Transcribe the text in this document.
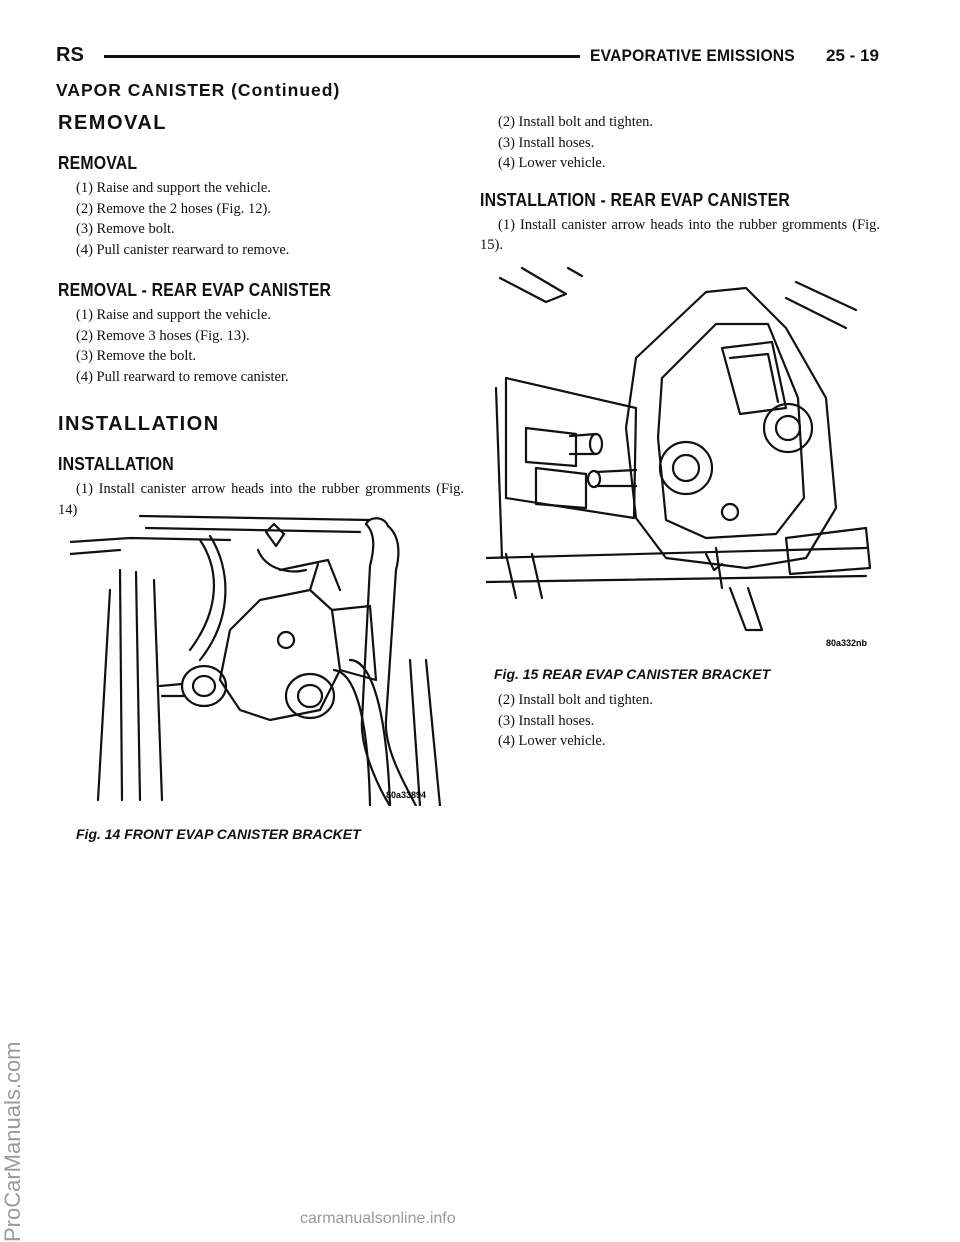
RS	EVAPORATIVE EMISSIONS 25 - 19
VAPOR CANISTER (Continued)
REMOVAL
REMOVAL

(1) Raise and support the vehicle.

(2) Remove the 2 hoses (Fig. 12).

(3) Remove bolt.

(4) Pull canister rearward to remove.

REMOVAL - REAR EVAP CANISTER

(1) Raise and support the vehicle.

(2) Remove 3 hoses (Fig. 13).

(3) Remove the bolt.

(4) Pull rearward to remove canister.

INSTALLATION
INSTALLATION

(1) Install canister arrow heads into the rubber gromments (Fig. 14)

80a33894
Fig. 14 FRONT EVAP CANISTER BRACKET

(2) Install bolt and tighten.

(3) Install hoses.

(4) Lower vehicle.

INSTALLATION - REAR EVAP CANISTER

(1) Install canister arrow heads into the rubber gromments (Fig. 15).

80a332nb
Fig. 15 REAR EVAP CANISTER BRACKET

(2) Install bolt and tighten.

(3) Install hoses.

(4) Lower vehicle.

ProCarManuals.com	carmanualsonline.info
